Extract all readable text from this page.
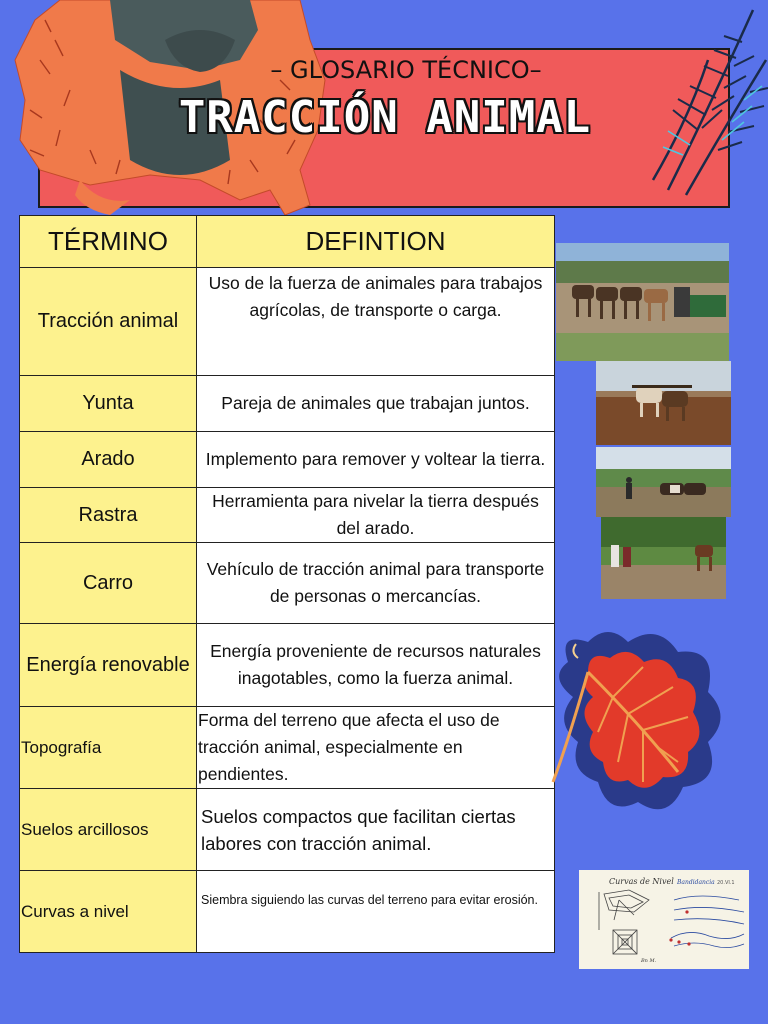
– GLOSARIO TÉCNICO–
TRACCIÓN ANIMAL
TÉRMINO	DEFINTION
Tracción animal	Uso de la fuerza de animales para trabajos agrícolas, de transporte o carga.
Yunta	Pareja de animales que trabajan juntos.
Arado	Implemento para remover y voltear la tierra.
Rastra	Herramienta para nivelar la tierra después del arado.
Carro	Vehículo de tracción animal para transporte de personas o mercancías.
Energía renovable	Energía proveniente de recursos naturales inagotables, como la fuerza animal.
Topografía	Forma del terreno que afecta el uso de tracción animal, especialmente en pendientes.
Suelos arcillosos	Suelos compactos que facilitan ciertas labores con tracción animal.
Curvas a nivel	Siembra siguiendo las curvas del terreno para evitar erosión.
Curvas de Nivel Bandidancia 20.VI.1
Bn M.
